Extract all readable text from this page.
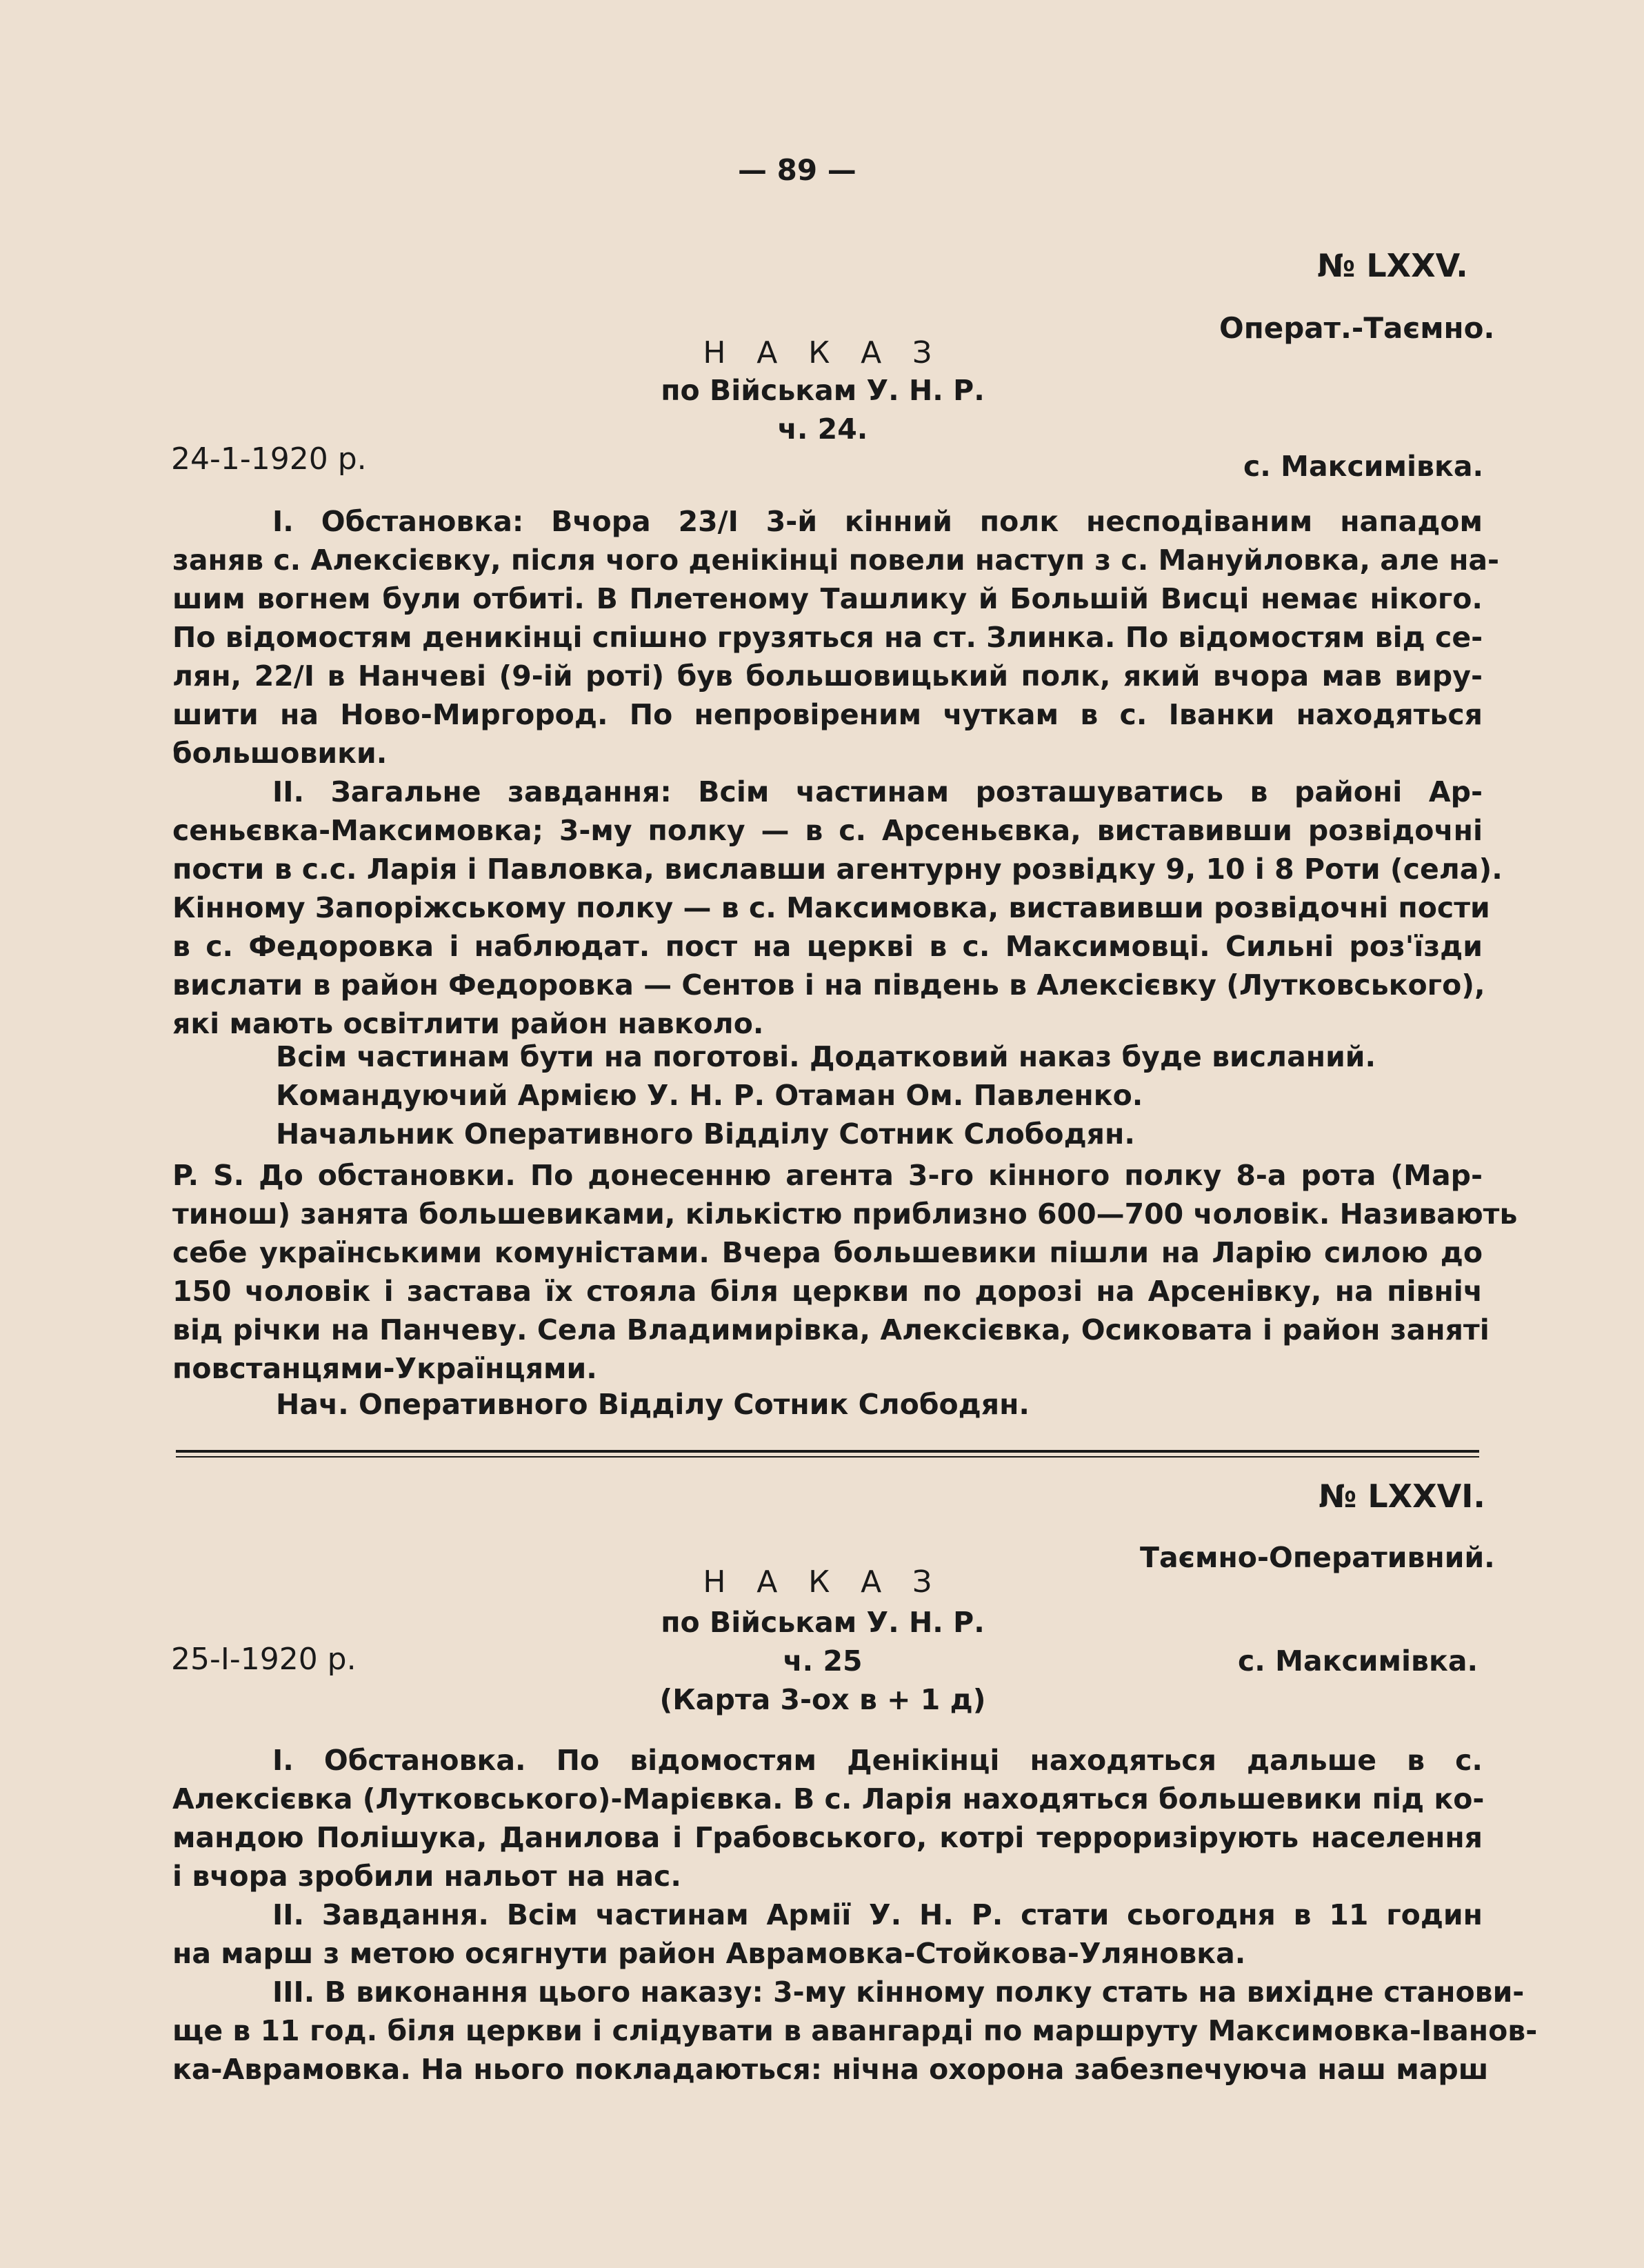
— 89 —
№ LXXV.
Операт.-Таємно.
Н А К А З
по Військам У. Н. Р.
ч. 24.
24-1-1920 р.	с. Максимівка.
I. Обстановка: Вчора 23/І 3-й кінний полк несподіваним нападом
заняв с. Алексієвку, після чого денікінці повели наступ з с. Мануйловка, але на-
шим вогнем були отбиті. В Плетеному Ташлику й Большій Висці немає нікого.
По відомостям деникінці спішно грузяться на ст. Злинка. По відомостям від се-
лян, 22/І в Нанчеві (9-ій роті) був большовицький полк, який вчора мав виру-
шити на Ново-Миргород. По непровіреним чуткам в с. Іванки находяться
большовики.
II. Загальне завдання: Всім частинам розташуватись в районі Ар-
сеньєвка-Максимовка; 3-му полку — в с. Арсеньєвка, виставивши розвідочні
пости в с.с. Ларія і Павловка, виславши агентурну розвідку 9, 10 і 8 Роти (села).
Кінному Запоріжському полку — в с. Максимовка, виставивши розвідочні пости
в с. Федоровка і наблюдат. пост на церкві в с. Максимовці. Сильні роз'їзди
вислати в район Федоровка — Сентов і на південь в Алексієвку (Лутковського),
які мають освітлити район навколо.
Всім частинам бути на поготові. Додатковий наказ буде висланий.
Командуючий Армією У. Н. Р. Отаман Ом. Павленко.
Начальник Оперативного Відділу Сотник Слободян.
P. S. До обстановки. По донесенню агента 3-го кінного полку 8-а рота (Мар-
тинош) занята большевиками, кількістю приблизно 600—700 чоловік. Називають
себе українськими комуністами. Вчера большевики пішли на Ларію силою до
150 чоловік і застава їх стояла біля церкви по дорозі на Арсенівку, на північ
від річки на Панчеву. Села Владимирівка, Алексієвка, Осиковата і район заняті
повстанцями-Українцями.
Нач. Оперативного Відділу Сотник Слободян.
№ LXXVI.
Таємно-Оперативний.
Н А К А З
по Військам У. Н. Р.
25-І-1920 р.	ч. 25	с. Максимівка.
(Карта 3-ох в + 1 д)
I. Обстановка. По відомостям Денікінці находяться дальше в с.
Алексієвка (Лутковського)-Марієвка. В с. Ларія находяться большевики під ко-
мандою Полішука, Данилова і Грабовського, котрі терроризірують населення
і вчора зробили нальот на нас.
II. Завдання. Всім частинам Армії У. Н. Р. стати сьогодня в 11 годин
на марш з метою осягнути район Аврамовка-Стойкова-Уляновка.
III. В виконання цього наказу: 3-му кінному полку стать на вихідне станови-
ще в 11 год. біля церкви і слідувати в авангарді по маршруту Максимовка-Іванов-
ка-Аврамовка. На нього покладаються: нічна охорона забезпечуюча наш марш
